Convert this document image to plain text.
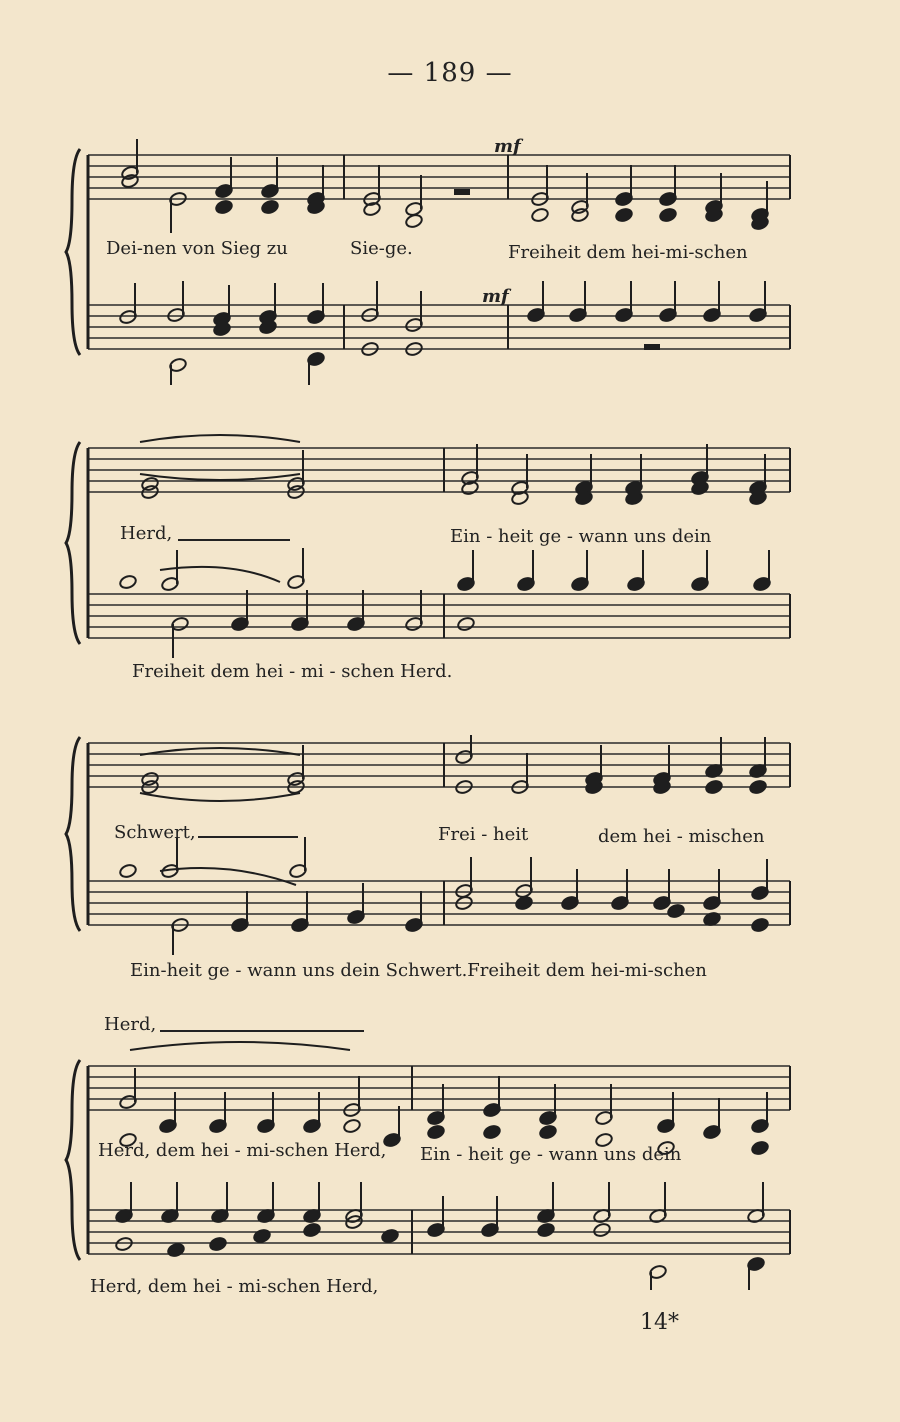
— 189 —
mf
mf
Dei-nen von Sieg zu	Sie-ge.	Freiheit dem hei-mi-schen
Herd,	Ein - heit ge - wann uns dein
Freiheit dem hei - mi - schen Herd.
Schwert,	Frei - heit	dem hei - mischen
Ein-heit ge - wann uns dein Schwert.Freiheit dem hei-mi-schen
Herd,
Herd, dem hei - mi-schen Herd, Ein - heit ge - wann uns dein
Herd, dem hei - mi-schen Herd,
14*
